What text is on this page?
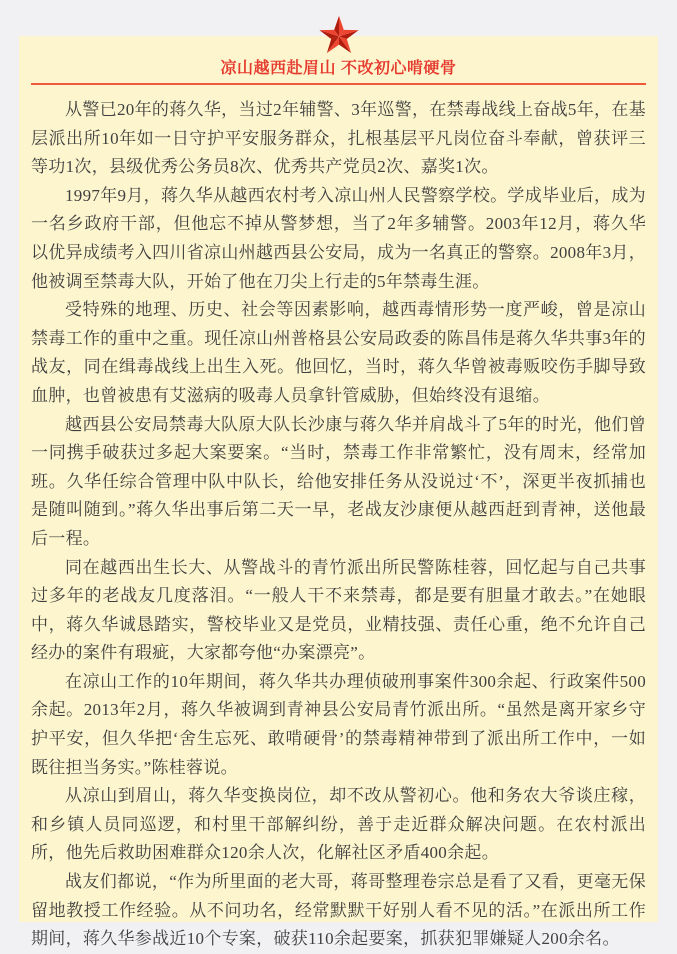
凉山越西赴眉山 不改初心啃硬骨

从警已20年的蒋久华，当过2年辅警、3年巡警，在禁毒战线上奋战5年，在基层派出所10年如一日守护平安服务群众，扎根基层平凡岗位奋斗奉献，曾获评三等功1次，县级优秀公务员8次、优秀共产党员2次、嘉奖1次。

1997年9月，蒋久华从越西农村考入凉山州人民警察学校。学成毕业后，成为一名乡政府干部，但他忘不掉从警梦想，当了2年多辅警。2003年12月，蒋久华以优异成绩考入四川省凉山州越西县公安局，成为一名真正的警察。2008年3月，他被调至禁毒大队，开始了他在刀尖上行走的5年禁毒生涯。

受特殊的地理、历史、社会等因素影响，越西毒情形势一度严峻，曾是凉山禁毒工作的重中之重。现任凉山州普格县公安局政委的陈昌伟是蒋久华共事3年的战友，同在缉毒战线上出生入死。他回忆，当时，蒋久华曾被毒贩咬伤手脚导致血肿，也曾被患有艾滋病的吸毒人员拿针管威胁，但始终没有退缩。

越西县公安局禁毒大队原大队长沙康与蒋久华并肩战斗了5年的时光，他们曾一同携手破获过多起大案要案。“当时，禁毒工作非常繁忙，没有周末，经常加班。久华任综合管理中队中队长，给他安排任务从没说过‘不’，深更半夜抓捕也是随叫随到。”蒋久华出事后第二天一早，老战友沙康便从越西赶到青神，送他最后一程。

同在越西出生长大、从警战斗的青竹派出所民警陈桂蓉，回忆起与自己共事过多年的老战友几度落泪。“一般人干不来禁毒，都是要有胆量才敢去。”在她眼中，蒋久华诚恳踏实，警校毕业又是党员，业精技强、责任心重，绝不允许自己经办的案件有瑕疵，大家都夸他“办案漂亮”。

在凉山工作的10年期间，蒋久华共办理侦破刑事案件300余起、行政案件500余起。2013年2月，蒋久华被调到青神县公安局青竹派出所。“虽然是离开家乡守护平安，但久华把‘舍生忘死、敢啃硬骨’的禁毒精神带到了派出所工作中，一如既往担当务实。”陈桂蓉说。

从凉山到眉山，蒋久华变换岗位，却不改从警初心。他和务农大爷谈庄稼，和乡镇人员同巡逻，和村里干部解纠纷，善于走近群众解决问题。在农村派出所，他先后救助困难群众120余人次，化解社区矛盾400余起。

战友们都说，“作为所里面的老大哥，蒋哥整理卷宗总是看了又看，更毫无保留地教授工作经验。从不问功名，经常默默干好别人看不见的活。”在派出所工作期间，蒋久华参战近10个专案，破获110余起要案，抓获犯罪嫌疑人200余名。
